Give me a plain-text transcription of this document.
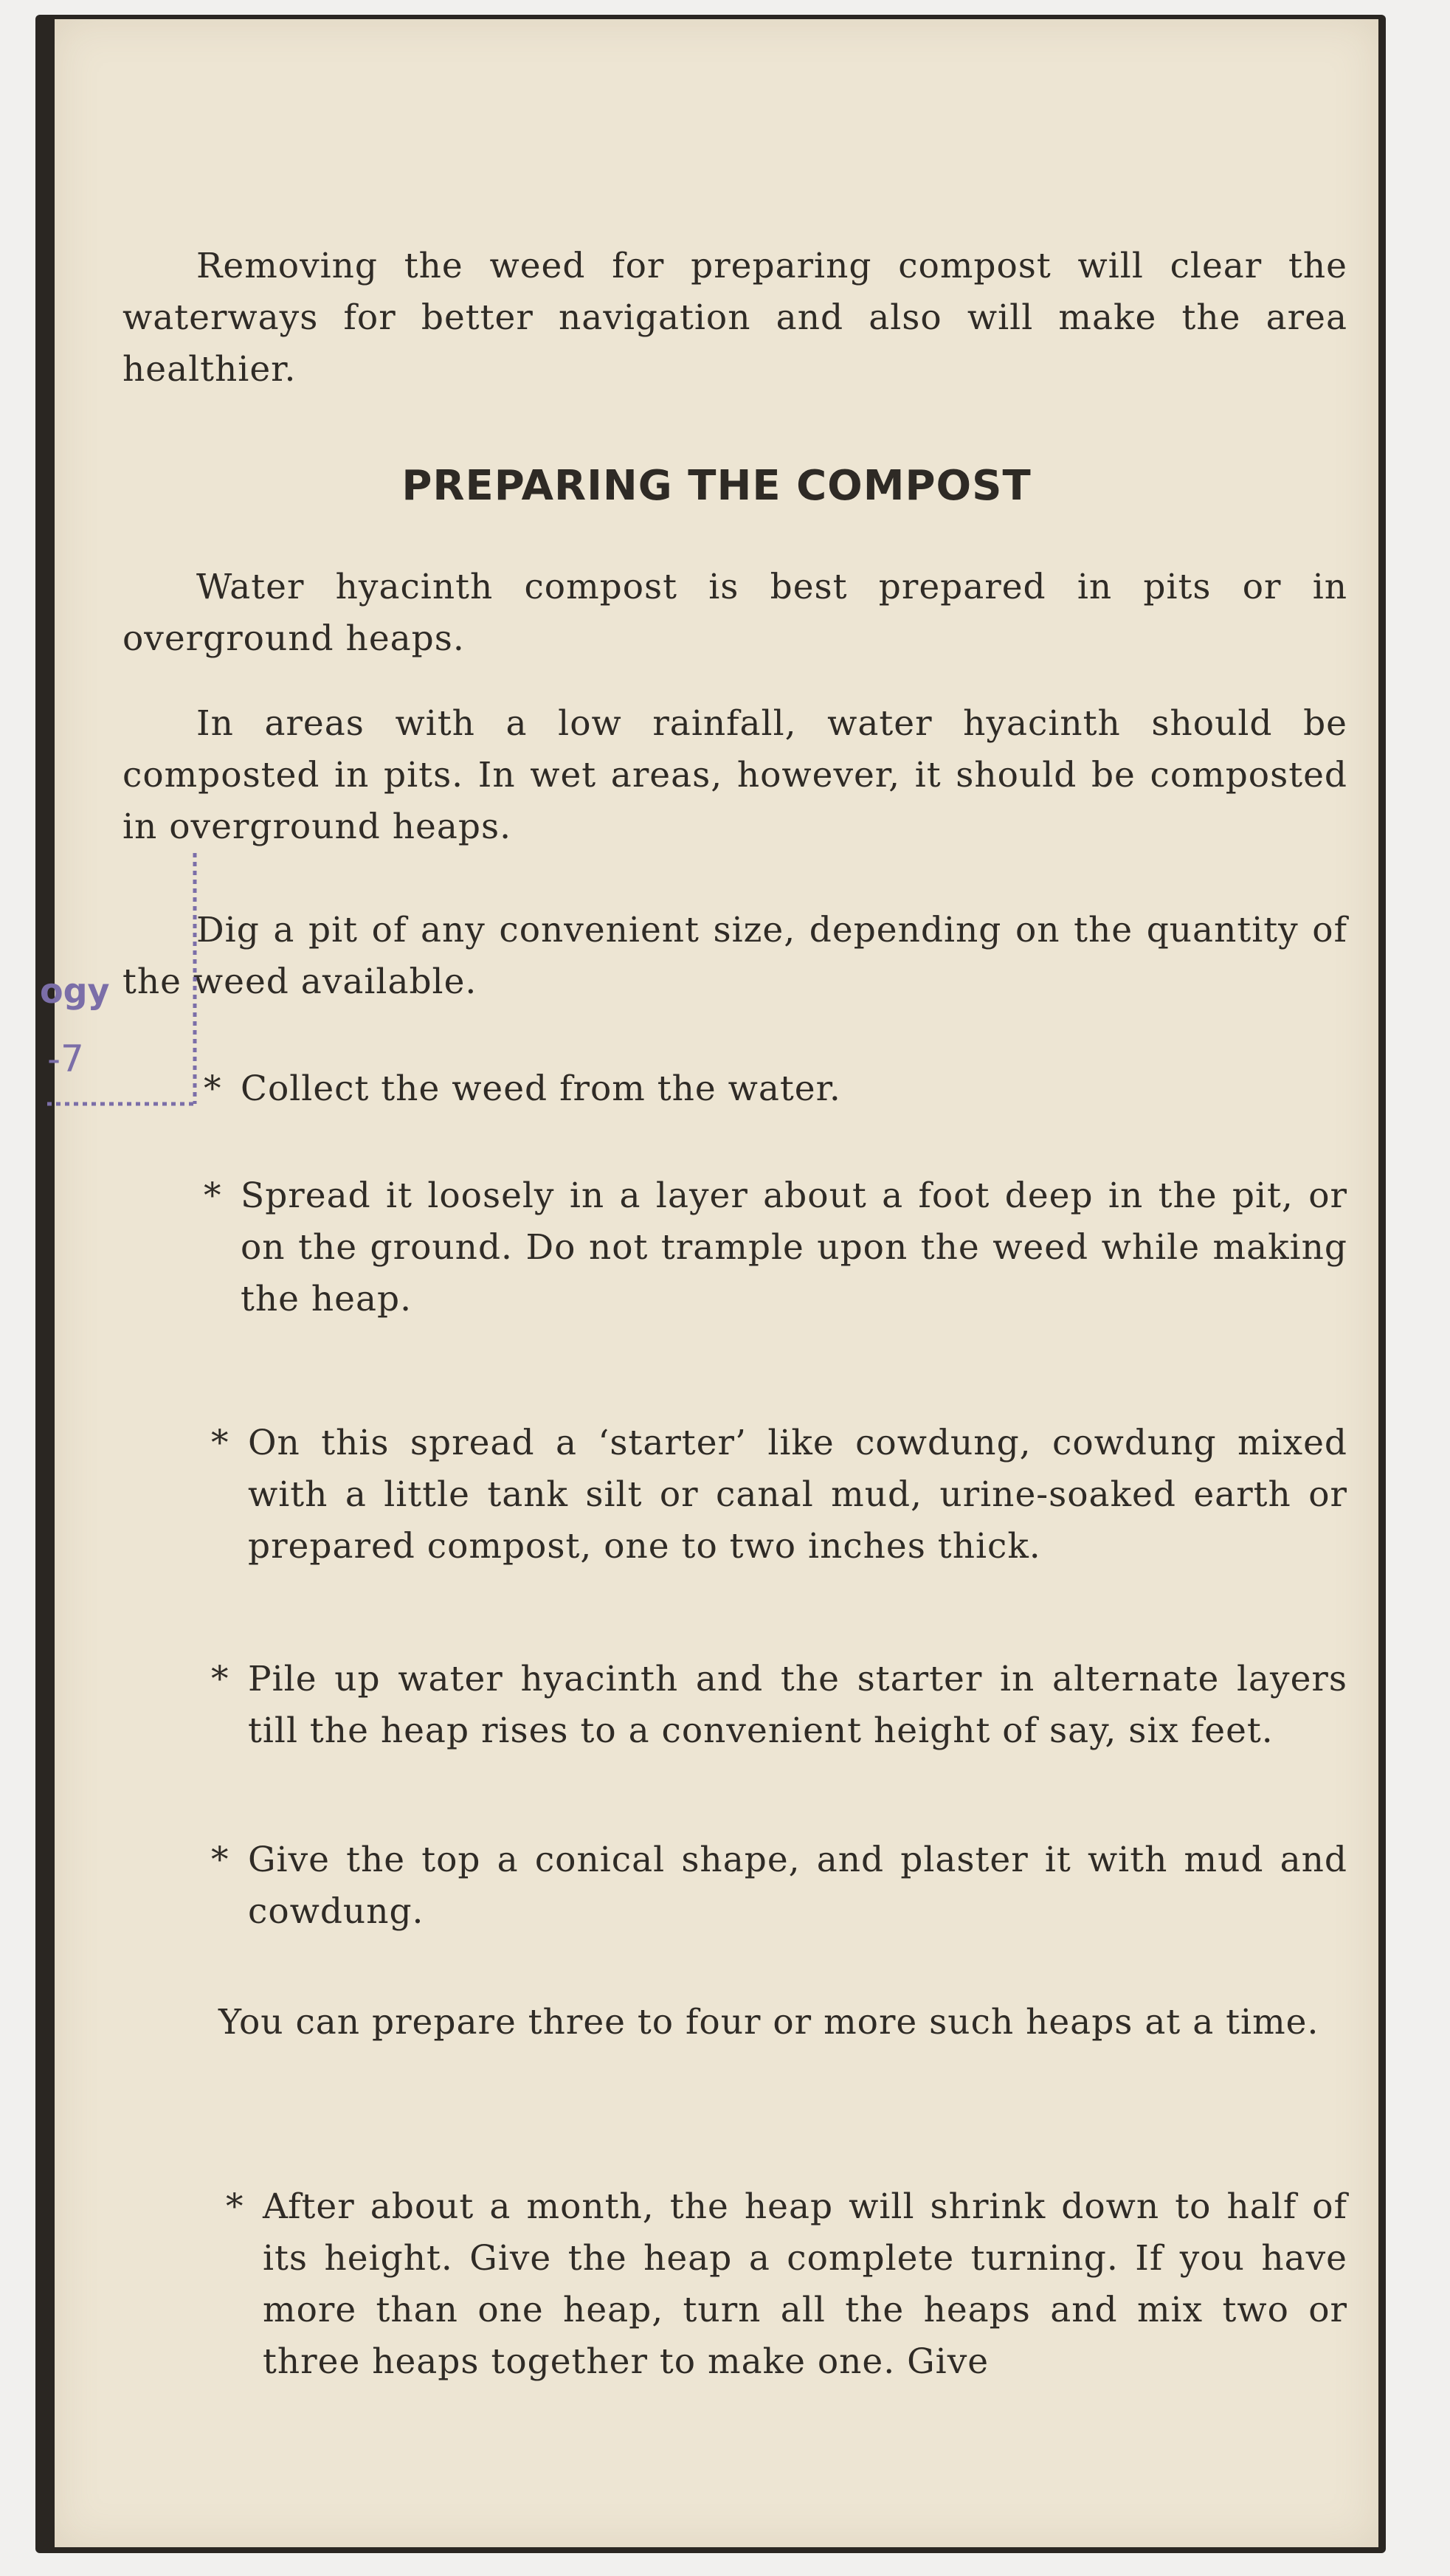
Removing the weed for preparing compost will clear the waterways for better navigation and also will make the area healthier.
PREPARING THE COMPOST
Water hyacinth compost is best prepared in pits or in overground heaps.
In areas with a low rainfall, water hyacinth should be composted in pits. In wet areas, however, it should be composted in overground heaps.
Dig a pit of any convenient size, depending on the quantity of the weed available.
* Collect the weed from the water.
* Spread it loosely in a layer about a foot deep in the pit, or on the ground. Do not trample upon the weed while making the heap.
* On this spread a ‘starter’ like cowdung, cowdung mixed with a little tank silt or canal mud, urine-soaked earth or prepared compost, one to two inches thick.
* Pile up water hyacinth and the starter in alternate layers till the heap rises to a convenient height of say, six feet.
* Give the top a conical shape, and plaster it with mud and cowdung.
You can prepare three to four or more such heaps at a time.
* After about a month, the heap will shrink down to half of its height. Give the heap a complete turning. If you have more than one heap, turn all the heaps and mix two or three heaps together to make one. Give
ogy
-7
